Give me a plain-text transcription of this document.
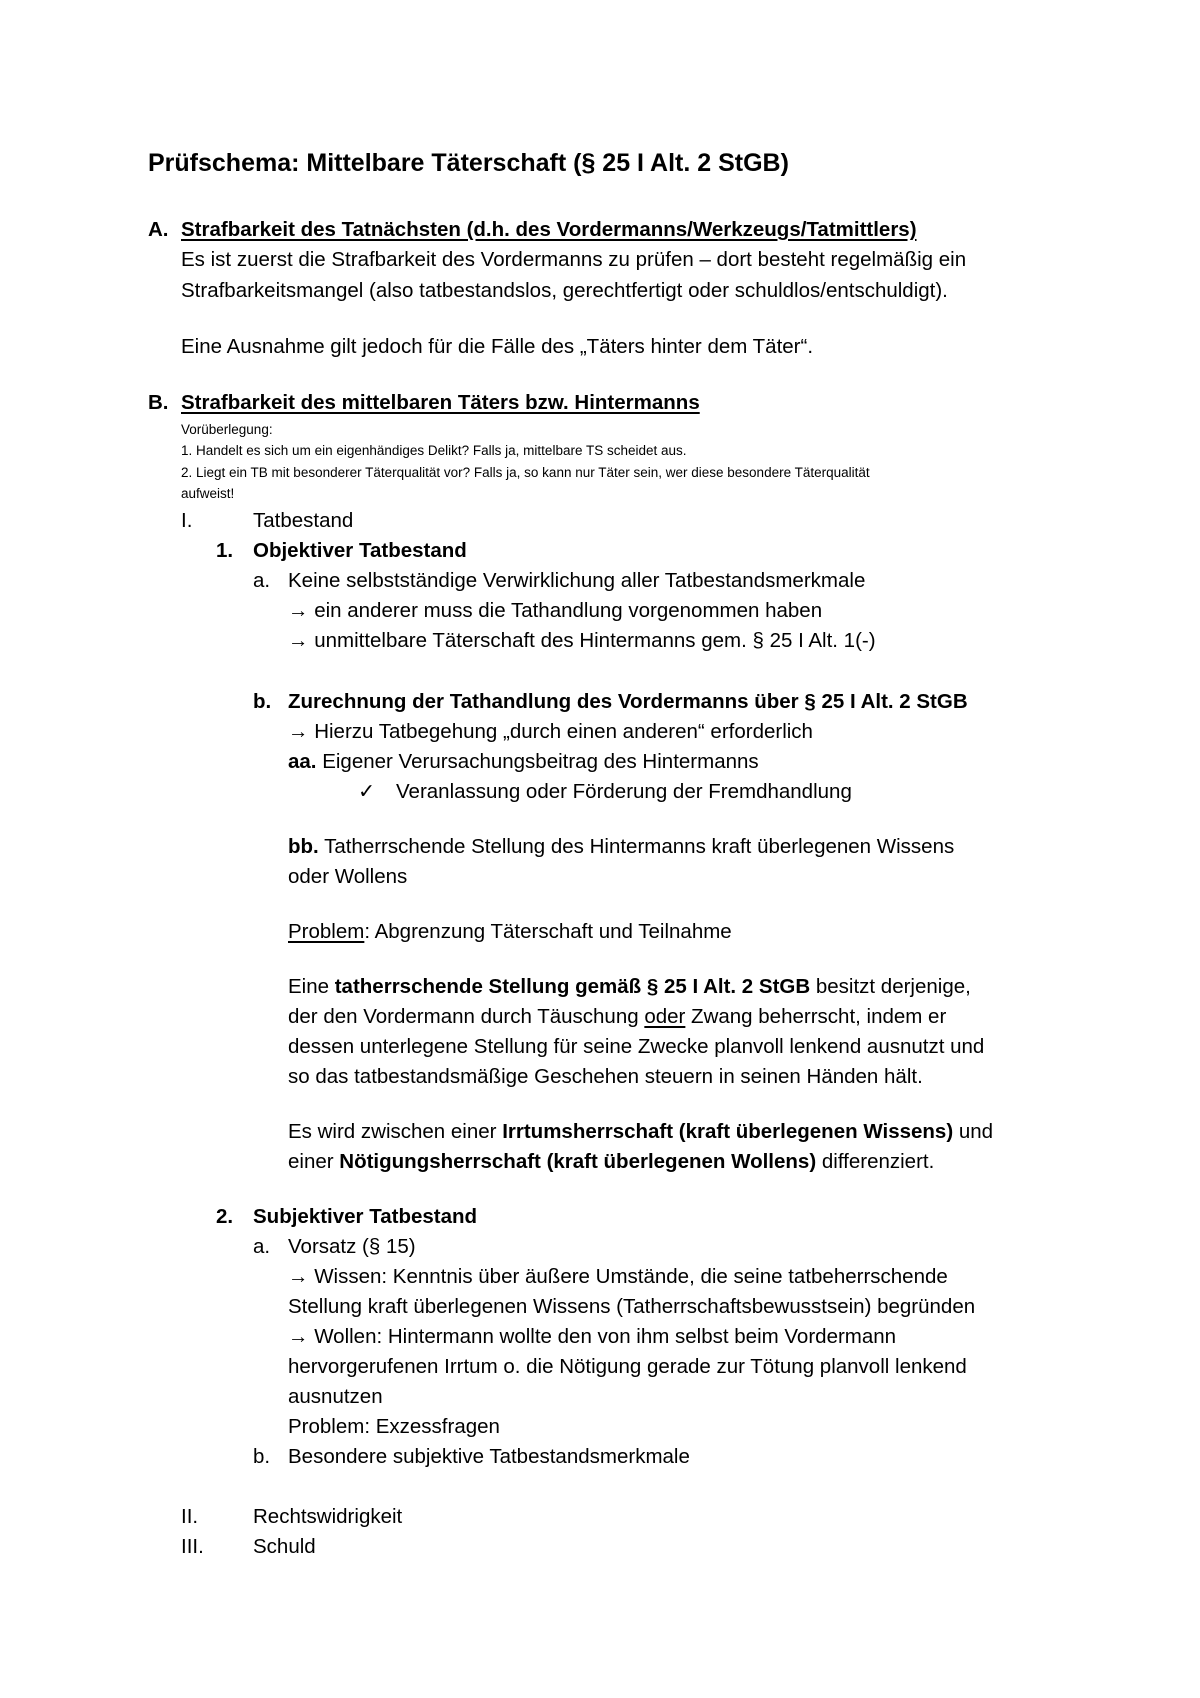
Prüfschema: Mittelbare Täterschaft (§ 25 I Alt. 2 StGB)
A. Strafbarkeit des Tatnächsten (d.h. des Vordermanns/Werkzeugs/Tatmittlers)
Es ist zuerst die Strafbarkeit des Vordermanns zu prüfen – dort besteht regelmäßig ein
Strafbarkeitsmangel (also tatbestandslos, gerechtfertigt oder schuldlos/entschuldigt).
Eine Ausnahme gilt jedoch für die Fälle des „Täters hinter dem Täter“.
B. Strafbarkeit des mittelbaren Täters bzw. Hintermanns
Vorüberlegung:
1. Handelt es sich um ein eigenhändiges Delikt? Falls ja, mittelbare TS scheidet aus.
2. Liegt ein TB mit besonderer Täterqualität vor? Falls ja, so kann nur Täter sein, wer diese besondere Täterqualität
aufweist!
I.	Tatbestand
1. Objektiver Tatbestand
a. Keine selbstständige Verwirklichung aller Tatbestandsmerkmale
→ ein anderer muss die Tathandlung vorgenommen haben
→ unmittelbare Täterschaft des Hintermanns gem. § 25 I Alt. 1(-)
b. Zurechnung der Tathandlung des Vordermanns über § 25 I Alt. 2 StGB
→ Hierzu Tatbegehung „durch einen anderen“ erforderlich
aa. Eigener Verursachungsbeitrag des Hintermanns
✓ Veranlassung oder Förderung der Fremdhandlung
bb. Tatherrschende Stellung des Hintermanns kraft überlegenen Wissens
oder Wollens
Problem: Abgrenzung Täterschaft und Teilnahme
Eine tatherrschende Stellung gemäß § 25 I Alt. 2 StGB besitzt derjenige,
der den Vordermann durch Täuschung oder Zwang beherrscht, indem er
dessen unterlegene Stellung für seine Zwecke planvoll lenkend ausnutzt und
so das tatbestandsmäßige Geschehen steuern in seinen Händen hält.
Es wird zwischen einer Irrtumsherrschaft (kraft überlegenen Wissens) und
einer Nötigungsherrschaft (kraft überlegenen Wollens) differenziert.
2. Subjektiver Tatbestand
a. Vorsatz (§ 15)
→ Wissen: Kenntnis über äußere Umstände, die seine tatbeherrschende
Stellung kraft überlegenen Wissens (Tatherrschaftsbewusstsein) begründen
→ Wollen: Hintermann wollte den von ihm selbst beim Vordermann
hervorgerufenen Irrtum o. die Nötigung gerade zur Tötung planvoll lenkend
ausnutzen
Problem: Exzessfragen
b. Besondere subjektive Tatbestandsmerkmale
II.	Rechtswidrigkeit
III. Schuld
